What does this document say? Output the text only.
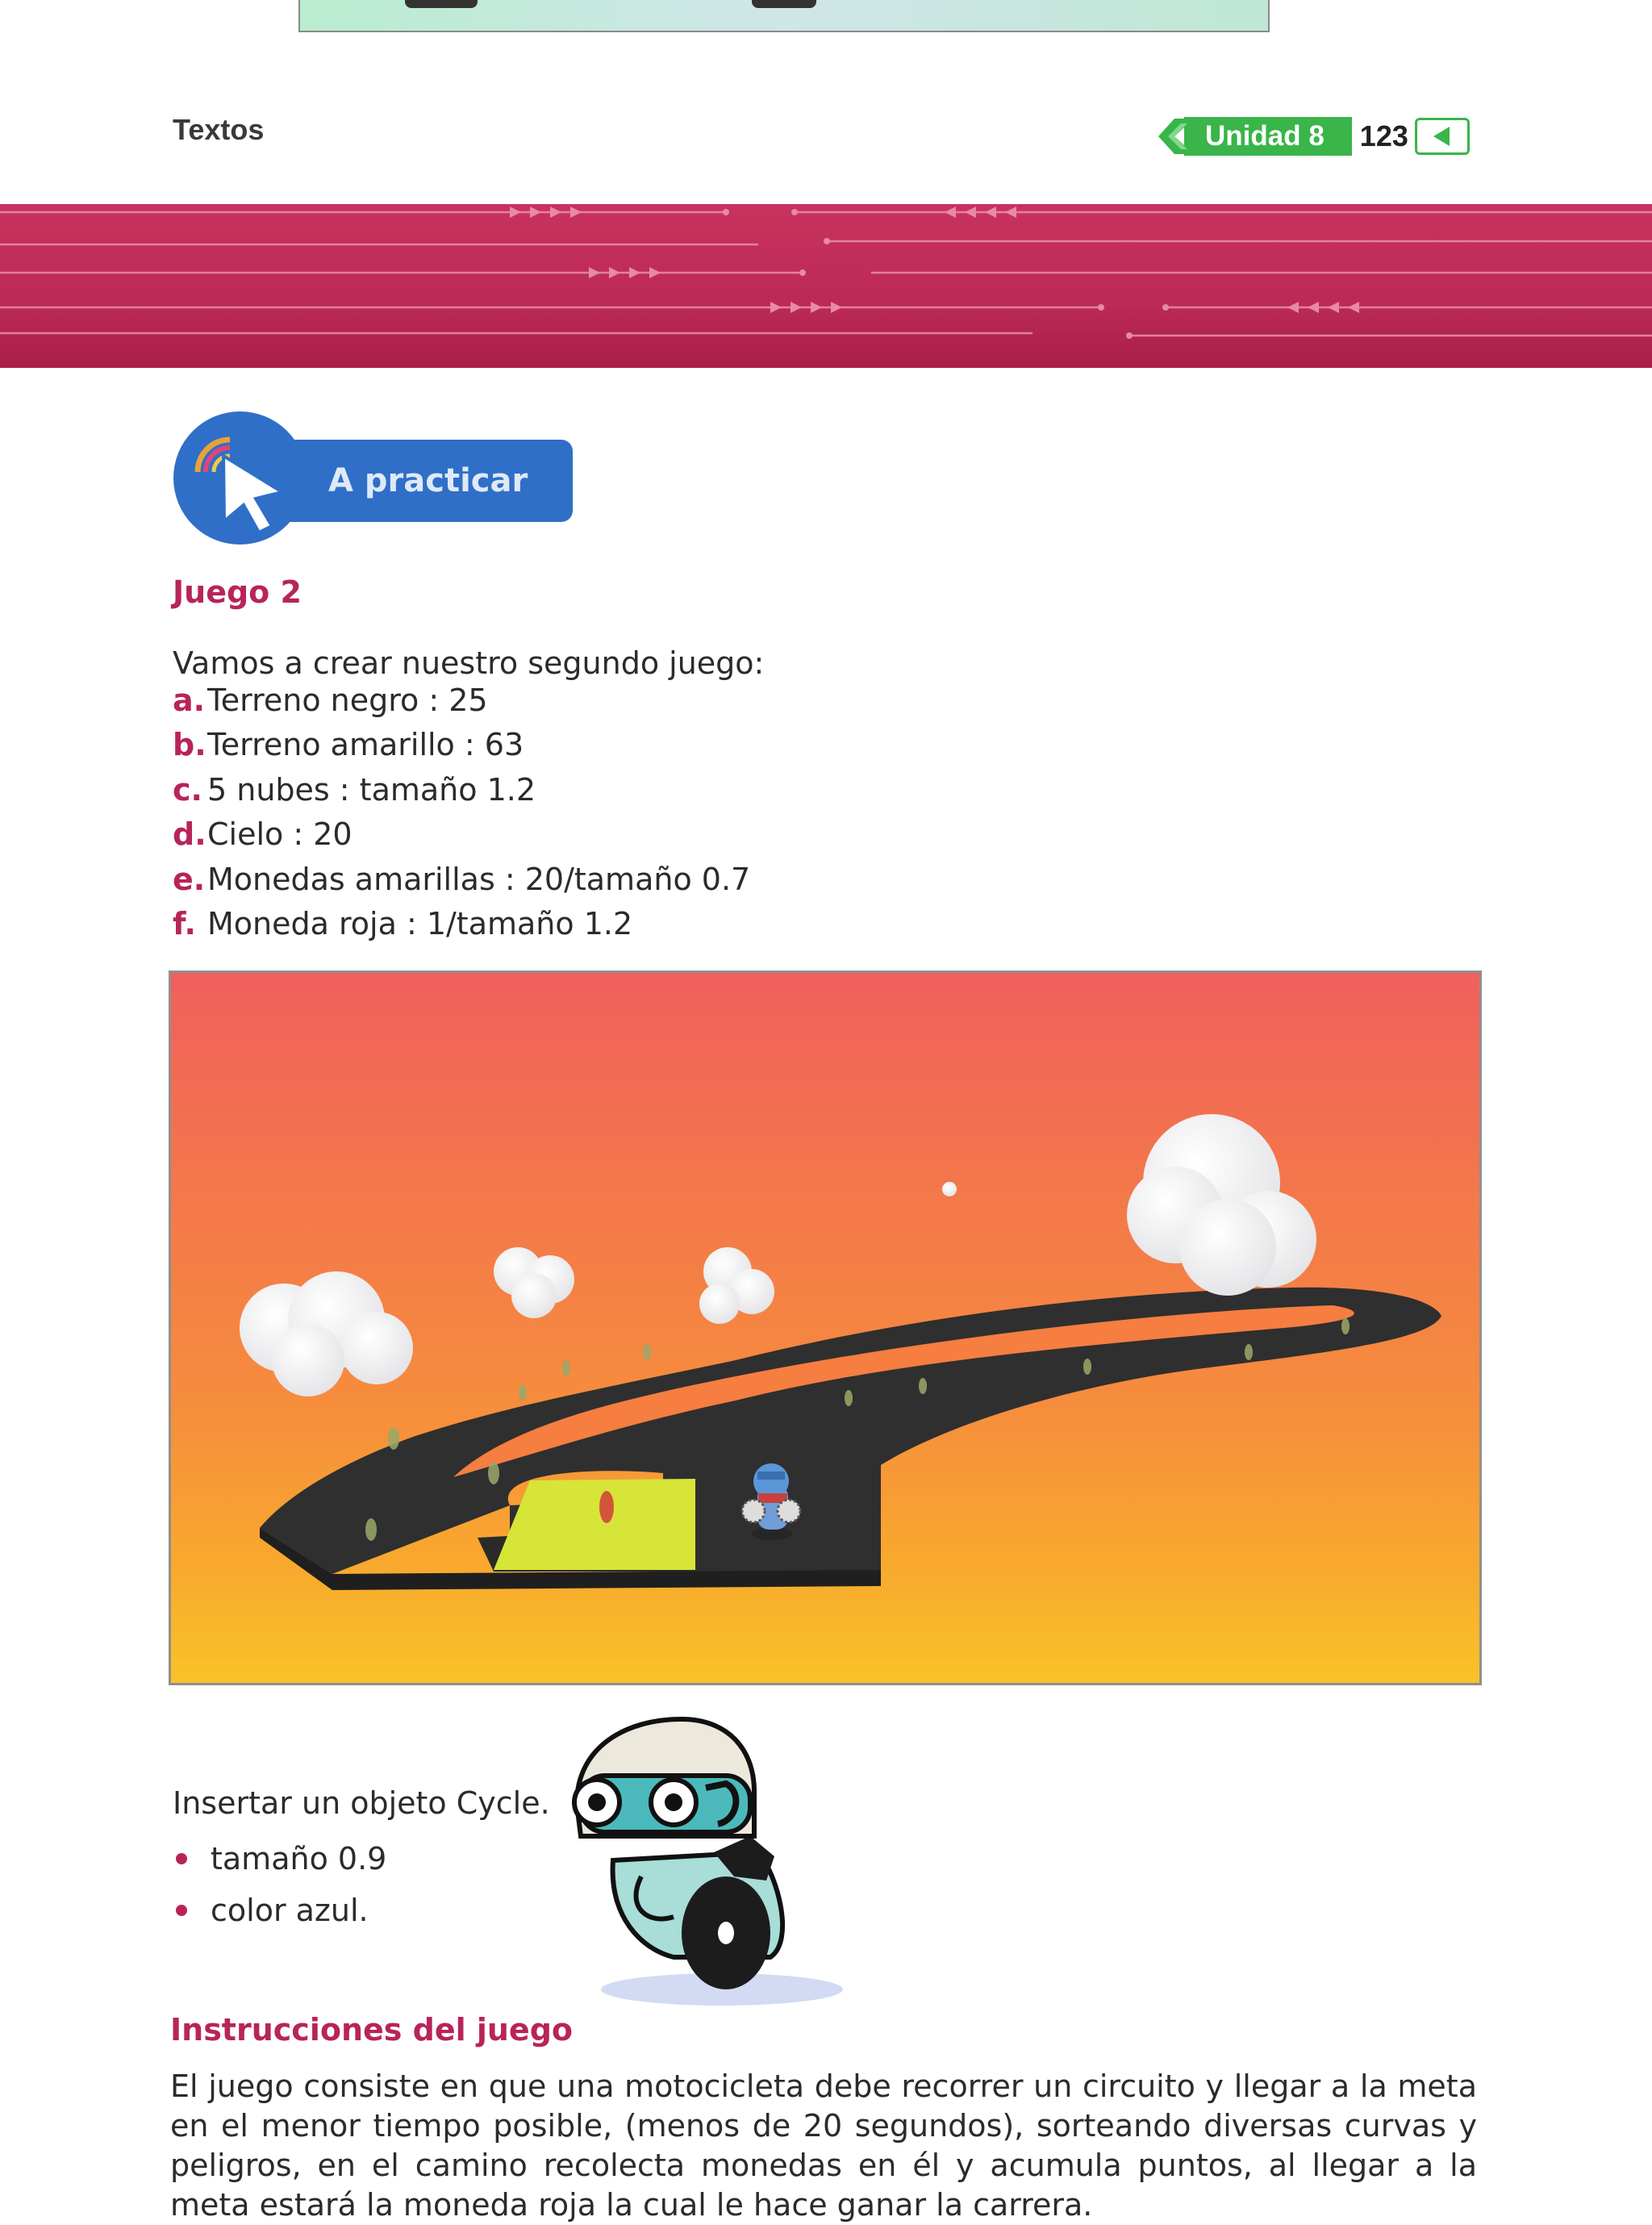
Textos	Unidad 8	123
A practicar
Juego 2
Vamos a crear nuestro segundo juego:
a. Terreno negro : 25
b. Terreno amarillo : 63
c. 5 nubes : tamaño 1.2
d. Cielo : 20
e. Monedas amarillas : 20/tamaño 0.7
f. Moneda roja : 1/tamaño 1.2
Insertar un objeto Cycle.
tamaño 0.9
color azul.
Instrucciones del juego
El juego consiste en que una motocicleta debe recorrer un circuito y llegar a la meta en el menor tiempo posible, (menos de 20 segundos), sorteando diversas curvas y peligros, en el camino recolecta monedas en él y acumula puntos, al llegar a la meta estará la moneda roja la cual le hace ganar la carrera.
